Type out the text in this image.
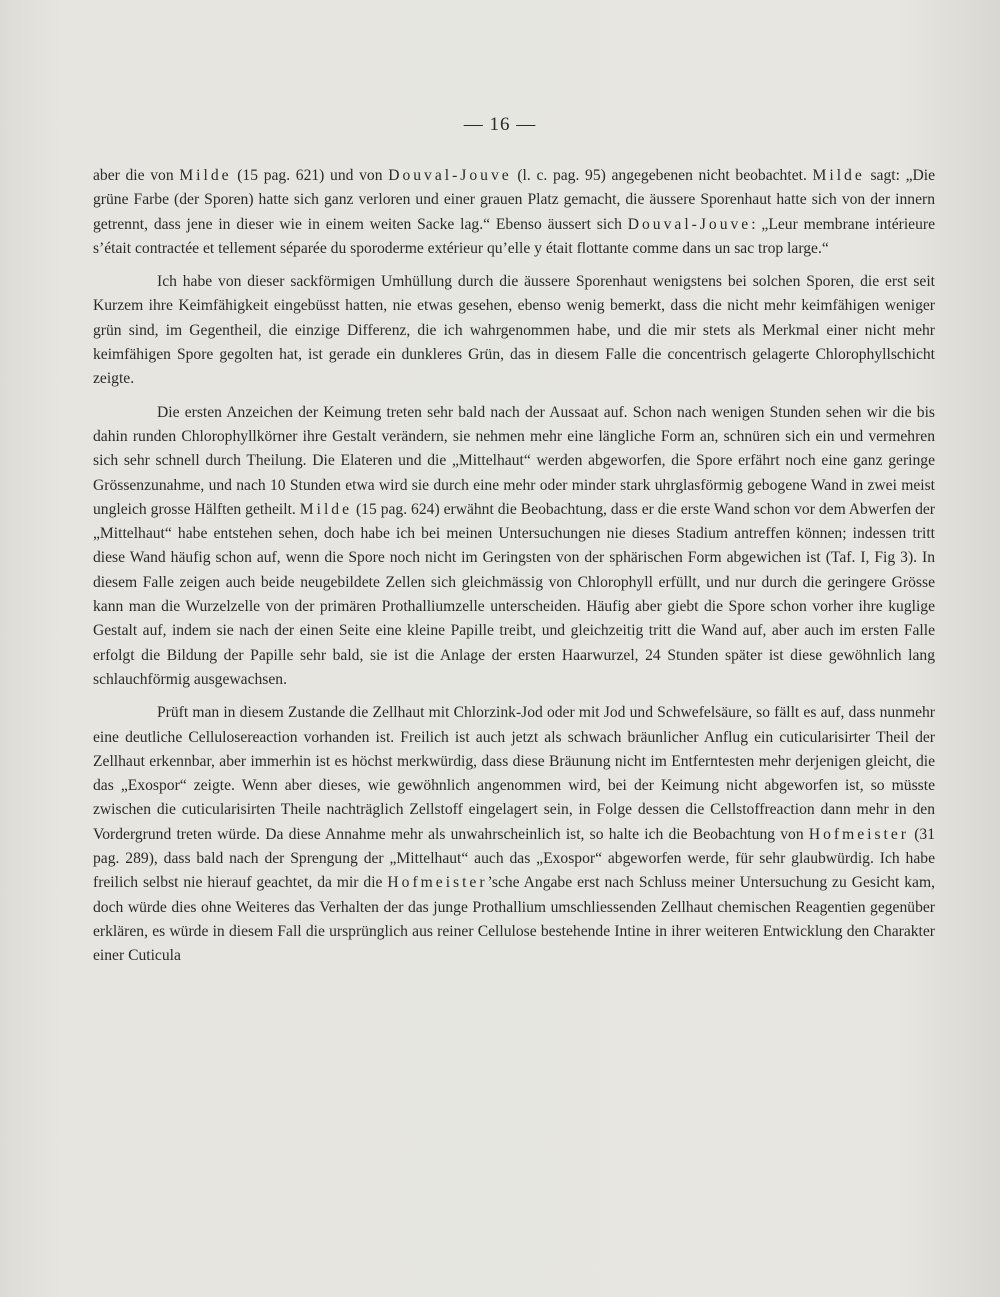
— 16 —

aber die von Milde (15 pag. 621) und von Douval-Jouve (l. c. pag. 95) angegebenen nicht beobachtet. Milde sagt: „Die grüne Farbe (der Sporen) hatte sich ganz verloren und einer grauen Platz gemacht, die äussere Sporenhaut hatte sich von der innern getrennt, dass jene in dieser wie in einem weiten Sacke lag.“ Ebenso äussert sich Douval-Jouve: „Leur membrane intérieure s’était contractée et tellement séparée du sporoderme extérieur qu’elle y était flottante comme dans un sac trop large.“

Ich habe von dieser sackförmigen Umhüllung durch die äussere Sporenhaut wenigstens bei solchen Sporen, die erst seit Kurzem ihre Keimfähigkeit eingebüsst hatten, nie etwas gesehen, ebenso wenig bemerkt, dass die nicht mehr keimfähigen weniger grün sind, im Gegentheil, die einzige Differenz, die ich wahrgenommen habe, und die mir stets als Merkmal einer nicht mehr keimfähigen Spore gegolten hat, ist gerade ein dunkleres Grün, das in diesem Falle die concentrisch gelagerte Chlorophyllschicht zeigte.

Die ersten Anzeichen der Keimung treten sehr bald nach der Aussaat auf. Schon nach wenigen Stunden sehen wir die bis dahin runden Chlorophyllkörner ihre Gestalt verändern, sie nehmen mehr eine längliche Form an, schnüren sich ein und vermehren sich sehr schnell durch Theilung. Die Elateren und die „Mittelhaut“ werden abgeworfen, die Spore erfährt noch eine ganz geringe Grössenzunahme, und nach 10 Stunden etwa wird sie durch eine mehr oder minder stark uhrglasförmig gebogene Wand in zwei meist ungleich grosse Hälften getheilt. Milde (15 pag. 624) erwähnt die Beobachtung, dass er die erste Wand schon vor dem Abwerfen der „Mittelhaut“ habe entstehen sehen, doch habe ich bei meinen Untersuchungen nie dieses Stadium antreffen können; indessen tritt diese Wand häufig schon auf, wenn die Spore noch nicht im Geringsten von der sphärischen Form abgewichen ist (Taf. I, Fig 3). In diesem Falle zeigen auch beide neugebildete Zellen sich gleichmässig von Chlorophyll erfüllt, und nur durch die geringere Grösse kann man die Wurzelzelle von der primären Prothalliumzelle unterscheiden. Häufig aber giebt die Spore schon vorher ihre kuglige Gestalt auf, indem sie nach der einen Seite eine kleine Papille treibt, und gleichzeitig tritt die Wand auf, aber auch im ersten Falle erfolgt die Bildung der Papille sehr bald, sie ist die Anlage der ersten Haarwurzel, 24 Stunden später ist diese gewöhnlich lang schlauchförmig ausgewachsen.

Prüft man in diesem Zustande die Zellhaut mit Chlorzink-Jod oder mit Jod und Schwefelsäure, so fällt es auf, dass nunmehr eine deutliche Cellulosereaction vorhanden ist. Freilich ist auch jetzt als schwach bräunlicher Anflug ein cuticularisirter Theil der Zellhaut erkennbar, aber immerhin ist es höchst merkwürdig, dass diese Bräunung nicht im Entferntesten mehr derjenigen gleicht, die das „Exospor“ zeigte. Wenn aber dieses, wie gewöhnlich angenommen wird, bei der Keimung nicht abgeworfen ist, so müsste zwischen die cuticularisirten Theile nachträglich Zellstoff eingelagert sein, in Folge dessen die Cellstoffreaction dann mehr in den Vordergrund treten würde. Da diese Annahme mehr als unwahrscheinlich ist, so halte ich die Beobachtung von Hofmeister (31 pag. 289), dass bald nach der Sprengung der „Mittelhaut“ auch das „Exospor“ abgeworfen werde, für sehr glaubwürdig. Ich habe freilich selbst nie hierauf geachtet, da mir die Hofmeister’sche Angabe erst nach Schluss meiner Untersuchung zu Gesicht kam, doch würde dies ohne Weiteres das Verhalten der das junge Prothallium umschliessenden Zellhaut chemischen Reagentien gegenüber erklären, es würde in diesem Fall die ursprünglich aus reiner Cellulose bestehende Intine in ihrer weiteren Entwicklung den Charakter einer Cuticula
